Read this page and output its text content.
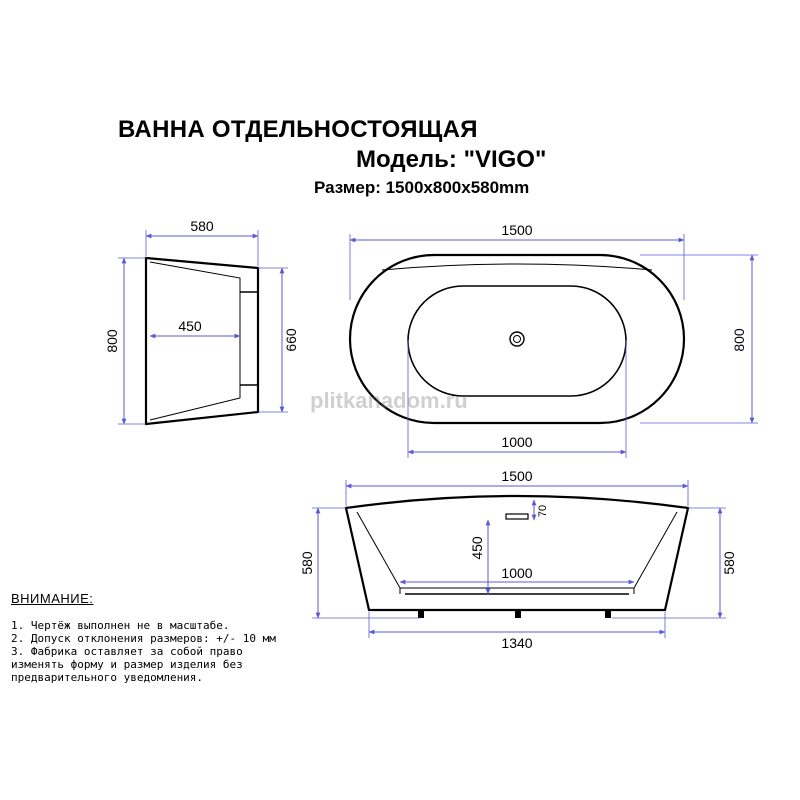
ВАННА ОТДЕЛЬНОСТОЯЩАЯ
Модель: "VIGO"
Размер: 1500x800x580mm
580
800
450
660
1500
800
1000
1500
580	580
70
450
1000
1340
plitkanadom.ru
ВНИМАНИЕ:
1. Чертёж выполнен не в масштабе.
2. Допуск отклонения размеров: +/- 10 мм
3. Фабрика оставляет за собой право
изменять форму и размер изделия без
предварительного уведомления.
